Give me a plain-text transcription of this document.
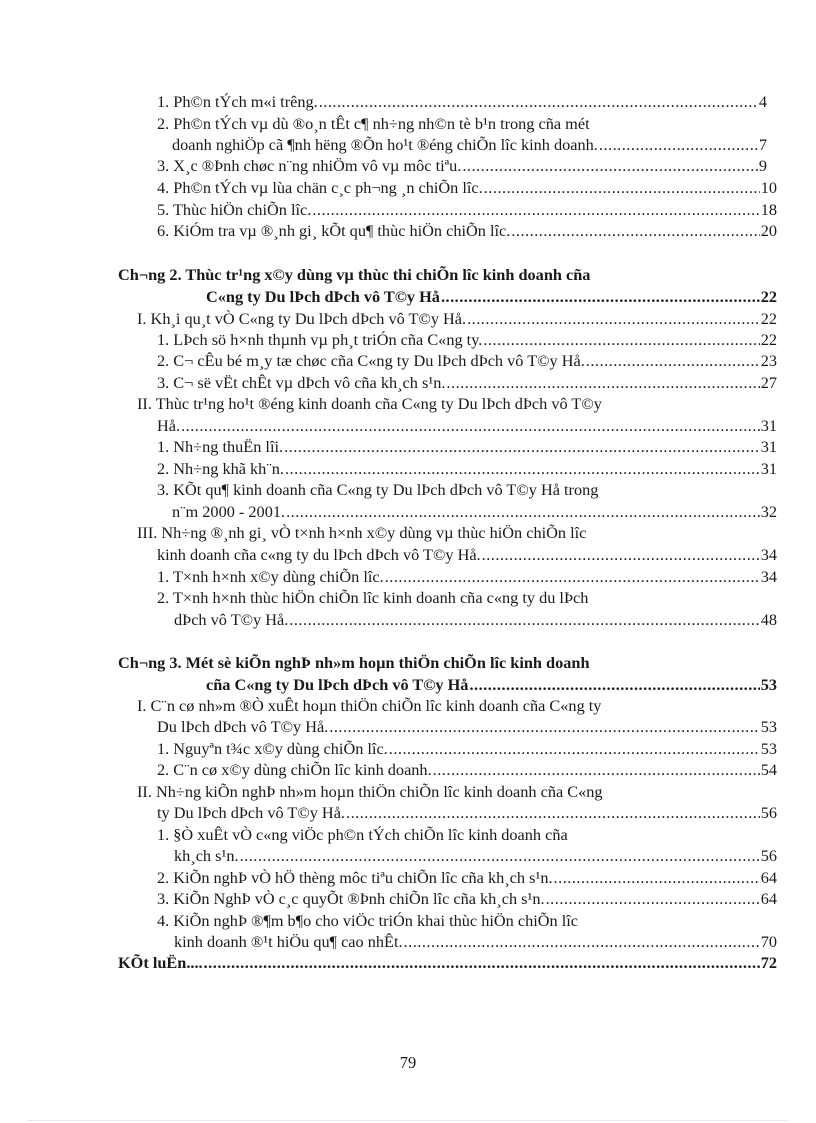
1. Ph©n tÝch m«i trêng. .....	4
2. Ph©n tÝch vµ dù ®o¸n tÊt c¶ nh÷ng nh©n tè b¹n trong cña mét
doanh nghiÖp cã ¶nh hëng ®Õn ho¹t ®éng chiÕn lîc kinh doanh. .....	7
3. X¸c ®Þnh chøc n¨ng nhiÖm vô vµ môc tiªu. .....	9
4. Ph©n tÝch vµ lùa chän c¸c ph¬ng ¸n chiÕn lîc. .....	10
5. Thùc hiÖn chiÕn lîc. .....	18
6. KiÓm tra vµ ®¸nh gi¸ kÕt qu¶ thùc hiÖn chiÕn lîc. .....	20
Ch¬ng 2. Thùc tr¹ng x©y dùng vµ thùc thi chiÕn lîc kinh doanh cña
C«ng ty Du lÞch dÞch vô T©y Hå .....	22
I. Kh¸i qu¸t vÒ C«ng ty Du lÞch dÞch vô T©y Hå. .....	22
1. LÞch sö h×nh thµnh vµ ph¸t triÓn cña C«ng ty. .....	22
2. C¬ cÊu bé m¸y tæ chøc cña C«ng ty Du lÞch dÞch vô T©y Hå. .....	23
3. C¬ së vËt chÊt vµ dÞch vô cña kh¸ch s¹n. .....	27
II. Thùc tr¹ng ho¹t ®éng kinh doanh cña C«ng ty Du lÞch dÞch vô T©y
Hå. .....	31
1. Nh÷ng thuËn lîi. .....	31
2. Nh÷ng khã kh¨n. .....	31
3. KÕt qu¶ kinh doanh cña C«ng ty Du lÞch dÞch vô T©y Hå trong
n¨m 2000 - 2001. .....	32
III. Nh÷ng ®¸nh gi¸ vÒ t×nh h×nh x©y dùng vµ thùc hiÖn chiÕn lîc
kinh doanh cña c«ng ty du lÞch dÞch vô T©y Hå. .....	34
1. T×nh h×nh x©y dùng chiÕn lîc. .....	34
2. T×nh h×nh thùc hiÖn chiÕn lîc kinh doanh cña c«ng ty du lÞch
dÞch vô T©y Hå. .....	48
Ch¬ng 3. Mét sè kiÕn nghÞ nh»m hoµn thiÖn chiÕn lîc kinh doanh
cña C«ng ty Du lÞch dÞch vô T©y Hå .....	53
I. C¨n cø nh»m ®Ò xuÊt hoµn thiÖn chiÕn lîc kinh doanh cña C«ng ty
Du lÞch dÞch vô T©y Hå. .....	53
1. Nguyªn t¾c x©y dùng chiÕn lîc. .....	53
2. C¨n cø x©y dùng chiÕn lîc kinh doanh. .....	54
II. Nh÷ng kiÕn nghÞ nh»m hoµn thiÖn chiÕn lîc kinh doanh cña C«ng
ty Du lÞch dÞch vô T©y Hå. .....	56
1. §Ò xuÊt vÒ c«ng viÖc ph©n tÝch chiÕn lîc kinh doanh cña
kh¸ch s¹n. .....	56
2. KiÕn nghÞ vÒ hÖ thèng môc tiªu chiÕn lîc cña kh¸ch s¹n. .....	64
3. KiÕn NghÞ vÒ c¸c quyÕt ®Þnh chiÕn lîc cña kh¸ch s¹n. .....	64
4. KiÕn nghÞ ®¶m b¶o cho viÖc triÓn khai thùc hiÖn chiÕn lîc
kinh doanh ®¹t hiÖu qu¶ cao nhÊt. .....	70
KÕt luËn.... .....	72
79
